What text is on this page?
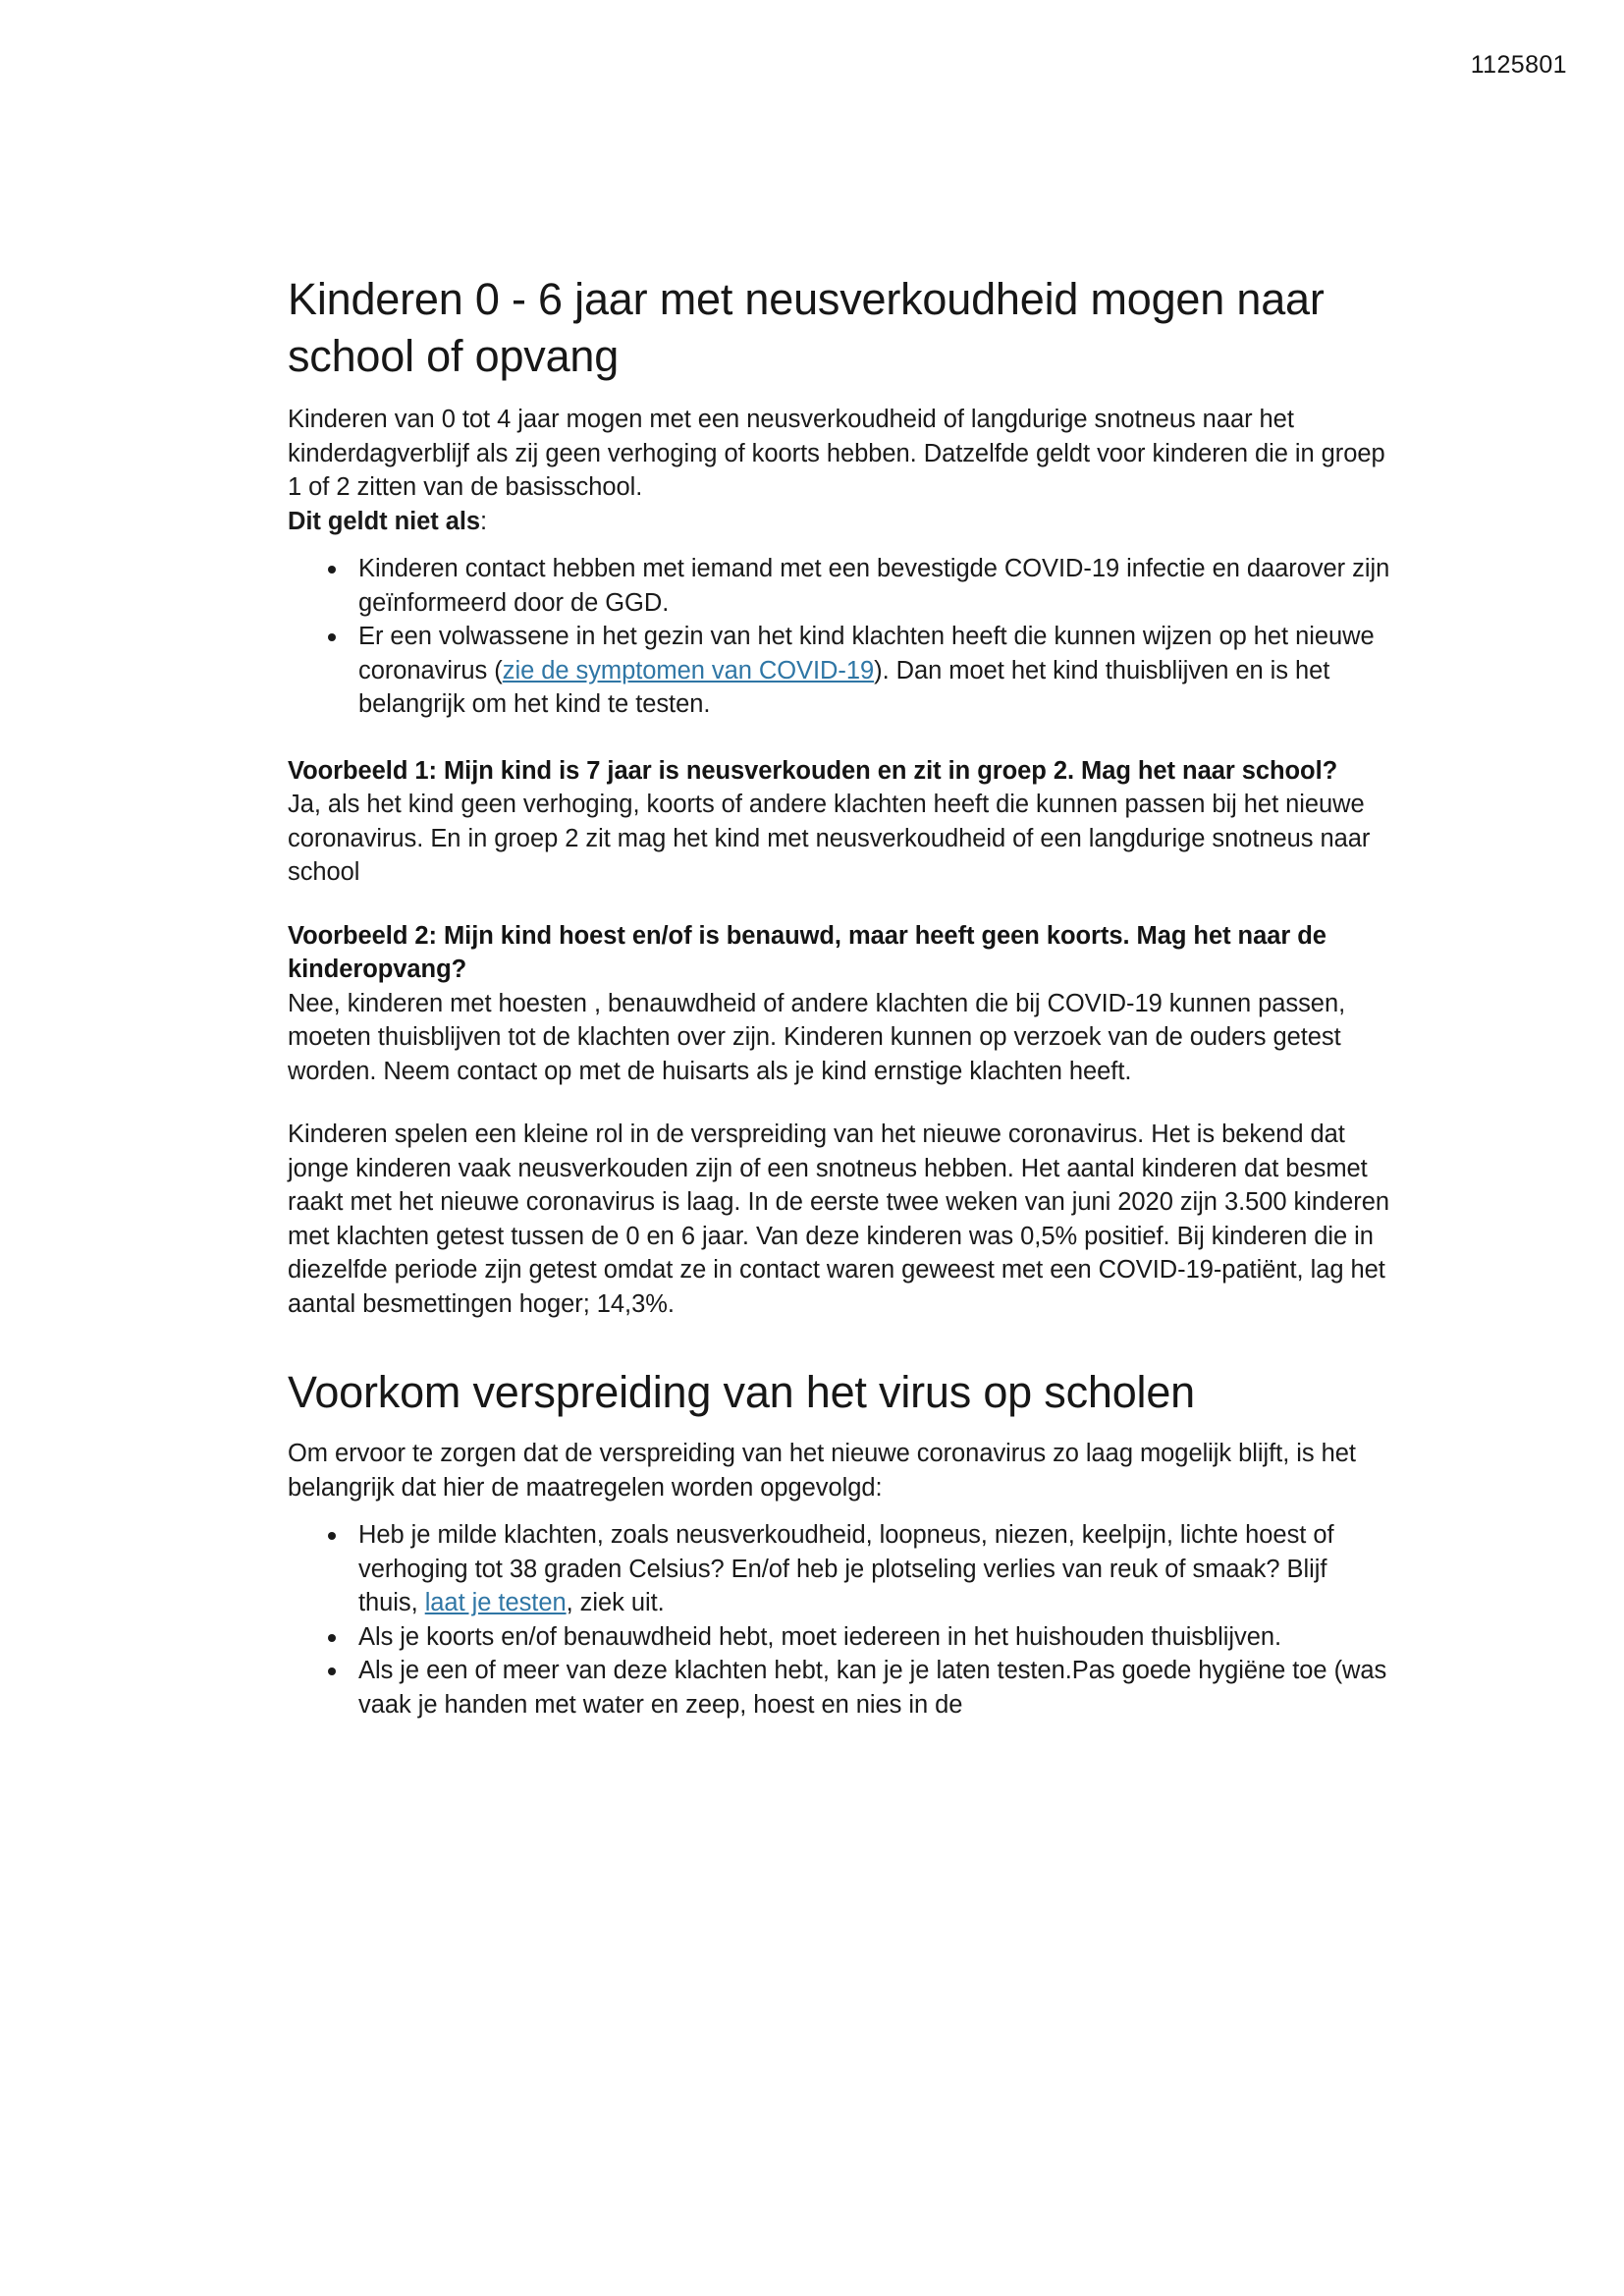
1125801
Kinderen 0 - 6 jaar met neusverkoudheid mogen naar school of opvang

Kinderen van 0 tot 4 jaar mogen met een neusverkoudheid of langdurige snotneus naar het kinderdagverblijf als zij geen verhoging of koorts hebben. Datzelfde geldt voor kinderen die in groep 1 of 2 zitten van de basisschool.
Dit geldt niet als:

Kinderen contact hebben met iemand met een bevestigde COVID-19 infectie en daarover zijn geïnformeerd door de GGD.
Er een volwassene in het gezin van het kind klachten heeft die kunnen wijzen op het nieuwe coronavirus (zie de symptomen van COVID-19). Dan moet het kind thuisblijven en is het belangrijk om het kind te testen.
Voorbeeld 1: Mijn kind is 7 jaar is neusverkouden en zit in groep 2. Mag het naar school?

Ja, als het kind geen verhoging, koorts of andere klachten heeft die kunnen passen bij het nieuwe coronavirus. En in groep 2 zit mag het kind met neusverkoudheid of een langdurige snotneus naar school

Voorbeeld 2: Mijn kind hoest en/of is benauwd, maar heeft geen koorts. Mag het naar de kinderopvang?

Nee, kinderen met hoesten , benauwdheid of andere klachten die bij COVID-19 kunnen passen, moeten thuisblijven tot de klachten over zijn. Kinderen kunnen op verzoek van de ouders getest worden. Neem contact op met de huisarts als je kind ernstige klachten heeft.

Kinderen spelen een kleine rol in de verspreiding van het nieuwe coronavirus. Het is bekend dat jonge kinderen vaak neusverkouden zijn of een snotneus hebben. Het aantal kinderen dat besmet raakt met het nieuwe coronavirus is laag. In de eerste twee weken van juni 2020 zijn 3.500 kinderen met klachten getest tussen de 0 en 6 jaar. Van deze kinderen was 0,5% positief. Bij kinderen die in diezelfde periode zijn getest omdat ze in contact waren geweest met een COVID-19-patiënt, lag het aantal besmettingen hoger; 14,3%.

Voorkom verspreiding van het virus op scholen

Om ervoor te zorgen dat de verspreiding van het nieuwe coronavirus zo laag mogelijk blijft, is het belangrijk dat hier de maatregelen worden opgevolgd:

Heb je milde klachten, zoals neusverkoudheid, loopneus, niezen, keelpijn, lichte hoest of verhoging tot 38 graden Celsius? En/of heb je plotseling verlies van reuk of smaak? Blijf thuis, laat je testen, ziek uit.
Als je koorts en/of benauwdheid hebt, moet iedereen in het huishouden thuisblijven.
Als je een of meer van deze klachten hebt, kan je je laten testen.Pas goede hygiëne toe (was vaak je handen met water en zeep, hoest en nies in de
